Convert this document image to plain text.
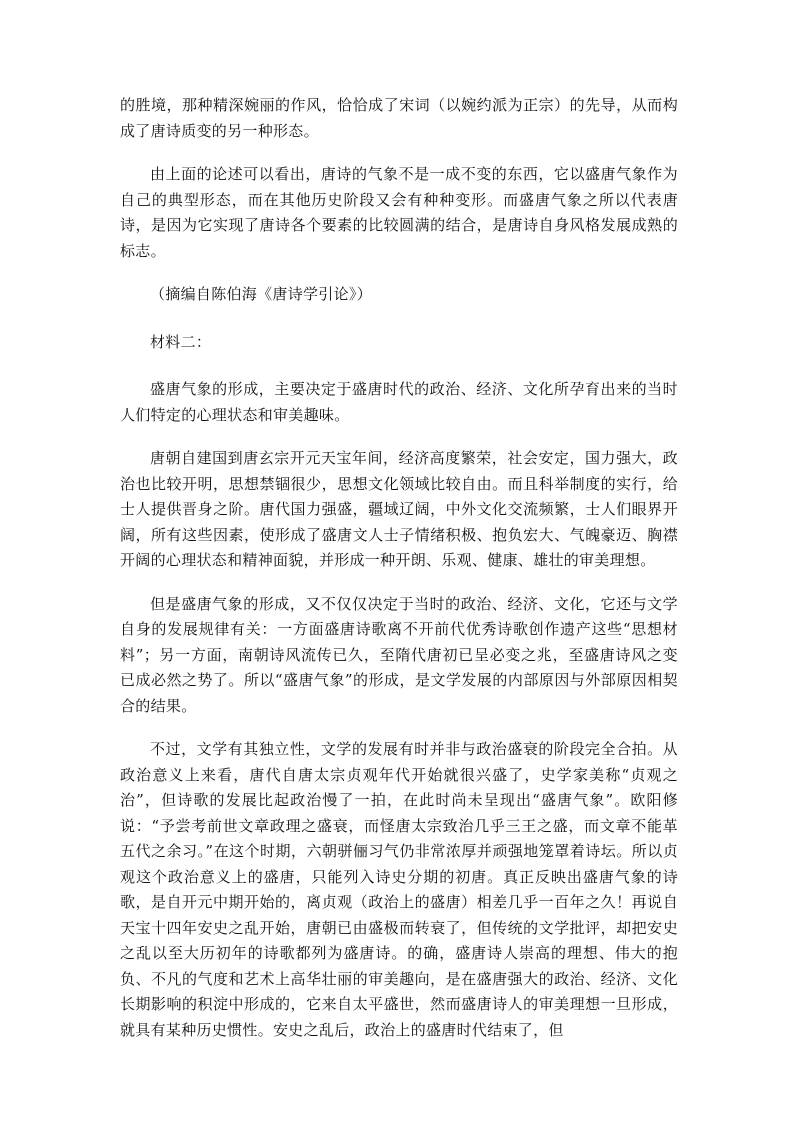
的胜境，那种精深婉丽的作风，恰恰成了宋词（以婉约派为正宗）的先导，从而构成了唐诗质变的另一种形态。

由上面的论述可以看出，唐诗的气象不是一成不变的东西，它以盛唐气象作为自己的典型形态，而在其他历史阶段又会有种种变形。而盛唐气象之所以代表唐诗，是因为它实现了唐诗各个要素的比较圆满的结合，是唐诗自身风格发展成熟的标志。

（摘编自陈伯海《唐诗学引论》）

材料二：

盛唐气象的形成，主要决定于盛唐时代的政治、经济、文化所孕育出来的当时人们特定的心理状态和审美趣味。

唐朝自建国到唐玄宗开元天宝年间，经济高度繁荣，社会安定，国力强大，政治也比较开明，思想禁锢很少，思想文化领域比较自由。而且科举制度的实行，给士人提供晋身之阶。唐代国力强盛，疆域辽阔，中外文化交流频繁，士人们眼界开阔，所有这些因素，使形成了盛唐文人士子情绪积极、抱负宏大、气魄豪迈、胸襟开阔的心理状态和精神面貌，并形成一种开朗、乐观、健康、雄壮的审美理想。

但是盛唐气象的形成，又不仅仅决定于当时的政治、经济、文化，它还与文学自身的发展规律有关：一方面盛唐诗歌离不开前代优秀诗歌创作遗产这些“思想材料”；另一方面，南朝诗风流传已久，至隋代唐初已呈必变之兆，至盛唐诗风之变已成必然之势了。所以“盛唐气象”的形成，是文学发展的内部原因与外部原因相契合的结果。

不过，文学有其独立性，文学的发展有时并非与政治盛衰的阶段完全合拍。从政治意义上来看，唐代自唐太宗贞观年代开始就很兴盛了，史学家美称“贞观之治”，但诗歌的发展比起政治慢了一拍，在此时尚未呈现出“盛唐气象”。欧阳修说：“予尝考前世文章政理之盛衰，而怪唐太宗致治几乎三王之盛，而文章不能革五代之余习。”在这个时期，六朝骈俪习气仍非常浓厚并顽强地笼罩着诗坛。所以贞观这个政治意义上的盛唐，只能列入诗史分期的初唐。真正反映出盛唐气象的诗歌，是自开元中期开始的，离贞观（政治上的盛唐）相差几乎一百年之久！再说自天宝十四年安史之乱开始，唐朝已由盛极而转衰了，但传统的文学批评，却把安史之乱以至大历初年的诗歌都列为盛唐诗。的确，盛唐诗人崇高的理想、伟大的抱负、不凡的气度和艺术上高华壮丽的审美趣向，是在盛唐强大的政治、经济、文化长期影响的积淀中形成的，它来自太平盛世，然而盛唐诗人的审美理想一旦形成，就具有某种历史惯性。安史之乱后，政治上的盛唐时代结束了，但
